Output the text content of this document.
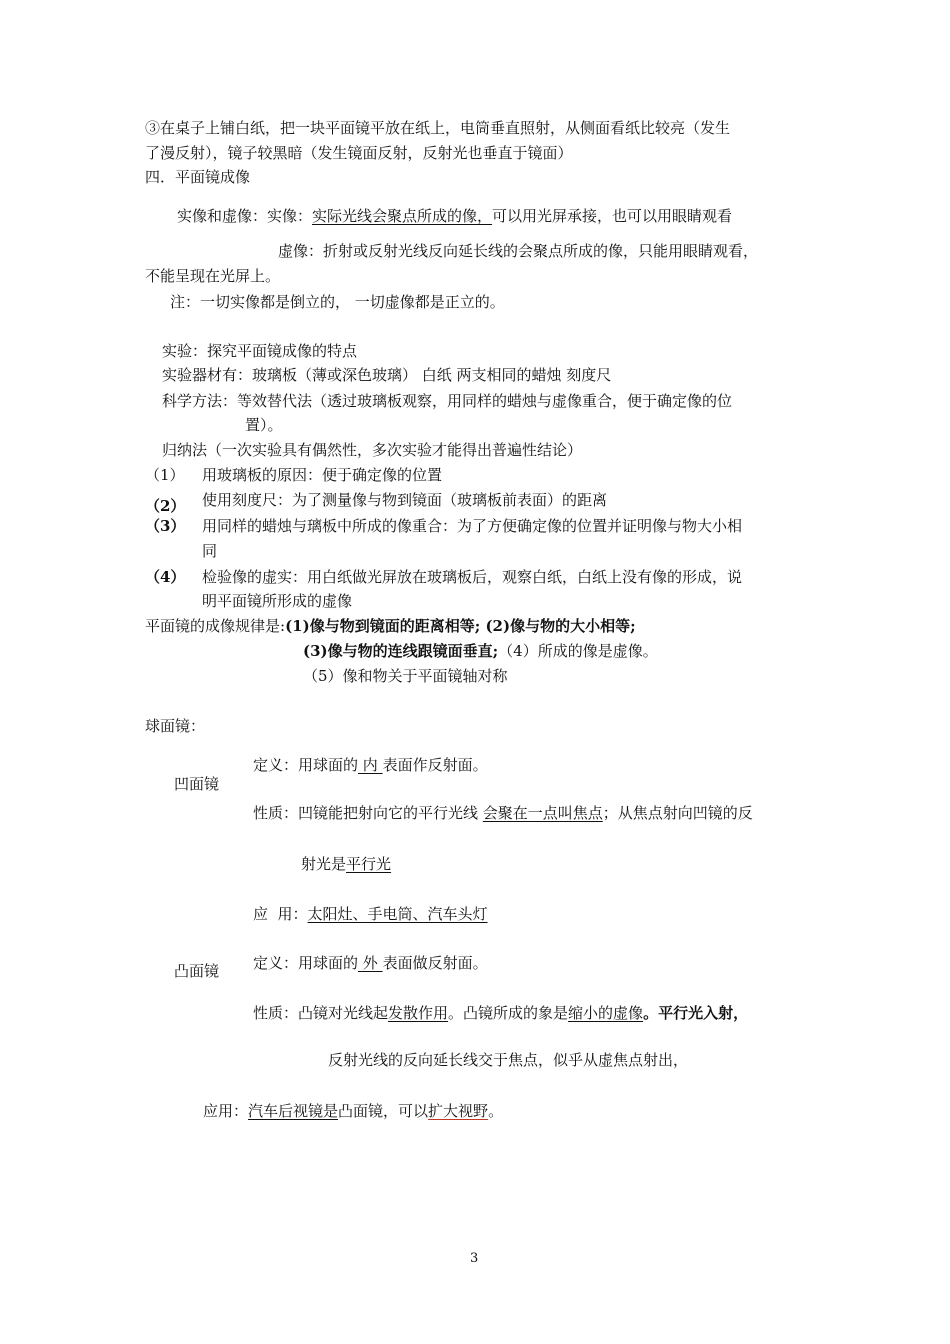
③在桌子上铺白纸，把一块平面镜平放在纸上，电筒垂直照射，从侧面看纸比较亮（发生
了漫反射），镜子较黑暗（发生镜面反射，反射光也垂直于镜面）
四．平面镜成像
实像和虚像：实像：实际光线会聚点所成的像，可以用光屏承接，也可以用眼睛观看
虚像：折射或反射光线反向延长线的会聚点所成的像，只能用眼睛观看，
不能呈现在光屏上。
注：一切实像都是倒立的， 一切虚像都是正立的。
实验：探究平面镜成像的特点
实验器材有：玻璃板（薄或深色玻璃） 白纸 两支相同的蜡烛 刻度尺
科学方法：等效替代法（透过玻璃板观察，用同样的蜡烛与虚像重合，便于确定像的位
置）。
归纳法（一次实验具有偶然性，多次实验才能得出普遍性结论）
（1） 用玻璃板的原因：便于确定像的位置
（2） 使用刻度尺：为了测量像与物到镜面（玻璃板前表面）的距离
（3） 用同样的蜡烛与璃板中所成的像重合：为了方便确定像的位置并证明像与物大小相
同
（4） 检验像的虚实：用白纸做光屏放在玻璃板后，观察白纸，白纸上没有像的形成，说
明平面镜所形成的虚像
平面镜的成像规律是:(1)像与物到镜面的距离相等; (2)像与物的大小相等;
(3)像与物的连线跟镜面垂直;（4）所成的像是虚像。
（5）像和物关于平面镜轴对称
球面镜：
凹面镜
定义：用球面的 内 表面作反射面。
性质：凹镜能把射向它的平行光线 会聚在一点叫焦点；从焦点射向凹镜的反
射光是平行光
应  用：太阳灶、手电筒、汽车头灯
凸面镜 定义：用球面的 外 表面做反射面。
性质：凸镜对光线起发散作用。凸镜所成的象是缩小的虚像。平行光入射，
反射光线的反向延长线交于焦点，似乎从虚焦点射出，
应用：汽车后视镜是凸面镜，可以扩大视野。
3
